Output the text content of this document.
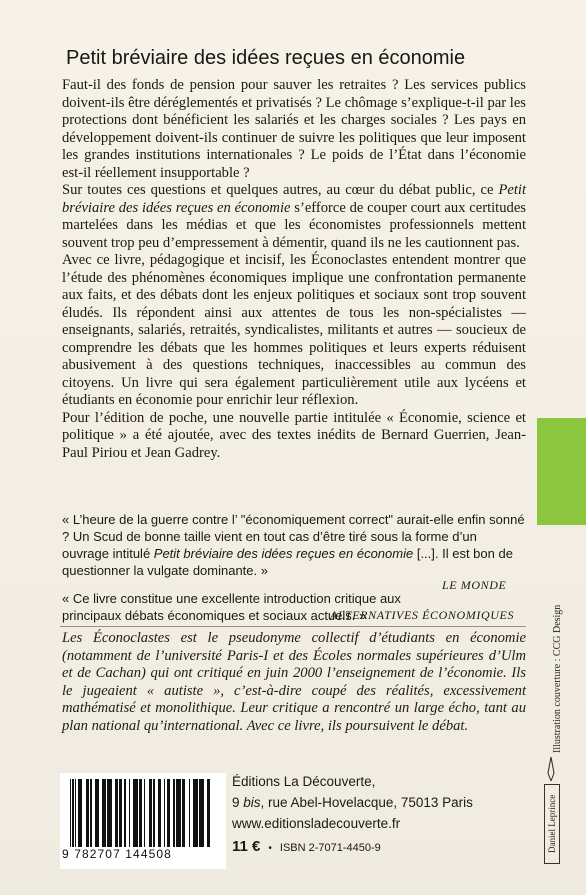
Petit bréviaire des idées reçues en économie

Faut-il des fonds de pension pour sauver les retraites ? Les services publics doivent-ils être déréglementés et privatisés ? Le chômage s’explique-t-il par les protections dont bénéficient les salariés et les charges sociales ? Les pays en développement doivent-ils continuer de suivre les politiques que leur imposent les grandes institutions internationales ? Le poids de l’État dans l’économie est-il réellement insupportable ?

Sur toutes ces questions et quelques autres, au cœur du débat public, ce Petit bréviaire des idées reçues en économie s’efforce de couper court aux certitudes martelées dans les médias et que les économistes professionnels mettent souvent trop peu d’empressement à démentir, quand ils ne les cautionnent pas.

Avec ce livre, pédagogique et incisif, les Éconoclastes entendent montrer que l’étude des phénomènes économiques implique une confrontation permanente aux faits, et des débats dont les enjeux politiques et sociaux sont trop souvent éludés. Ils répondent ainsi aux attentes de tous les non-spécialistes — enseignants, salariés, retraités, syndicalistes, militants et autres — soucieux de comprendre les débats que les hommes politiques et leurs experts réduisent abusivement à des questions techniques, inaccessibles au commun des citoyens. Un livre qui sera également particulièrement utile aux lycéens et étudiants en économie pour enrichir leur réflexion.

Pour l’édition de poche, une nouvelle partie intitulée « Économie, science et politique » a été ajoutée, avec des textes inédits de Bernard Guerrien, Jean-Paul Piriou et Jean Gadrey.

« L’heure de la guerre contre l’ "économiquement correct" aurait-elle enfin sonné ? Un Scud de bonne taille vient en tout cas d’être tiré sous la forme d’un ouvrage intitulé Petit bréviaire des idées reçues en économie [...]. Il est bon de questionner la vulgate dominante. »

LE MONDE

« Ce livre constitue une excellente introduction critique aux principaux débats économiques et sociaux actuels. »

ALTERNATIVES ÉCONOMIQUES

Les Éconoclastes est le pseudonyme collectif d’étudiants en économie (notamment de l’université Paris-I et des Écoles normales supérieures d’Ulm et de Cachan) qui ont critiqué en juin 2000 l’enseignement de l’économie. Ils le jugeaient « autiste », c’est-à-dire coupé des réalités, excessivement mathématisé et monolithique. Leur critique a rencontré un large écho, tant au plan national qu’international. Avec ce livre, ils poursuivent le débat.	Illustration couverture : CCG Design
Daniel Leprince
9 782707 144508
Éditions La Découverte,
9 bis, rue Abel-Hovelacque, 75013 Paris
www.editionsladecouverte.fr
11 € • ISBN 2-7071-4450-9
